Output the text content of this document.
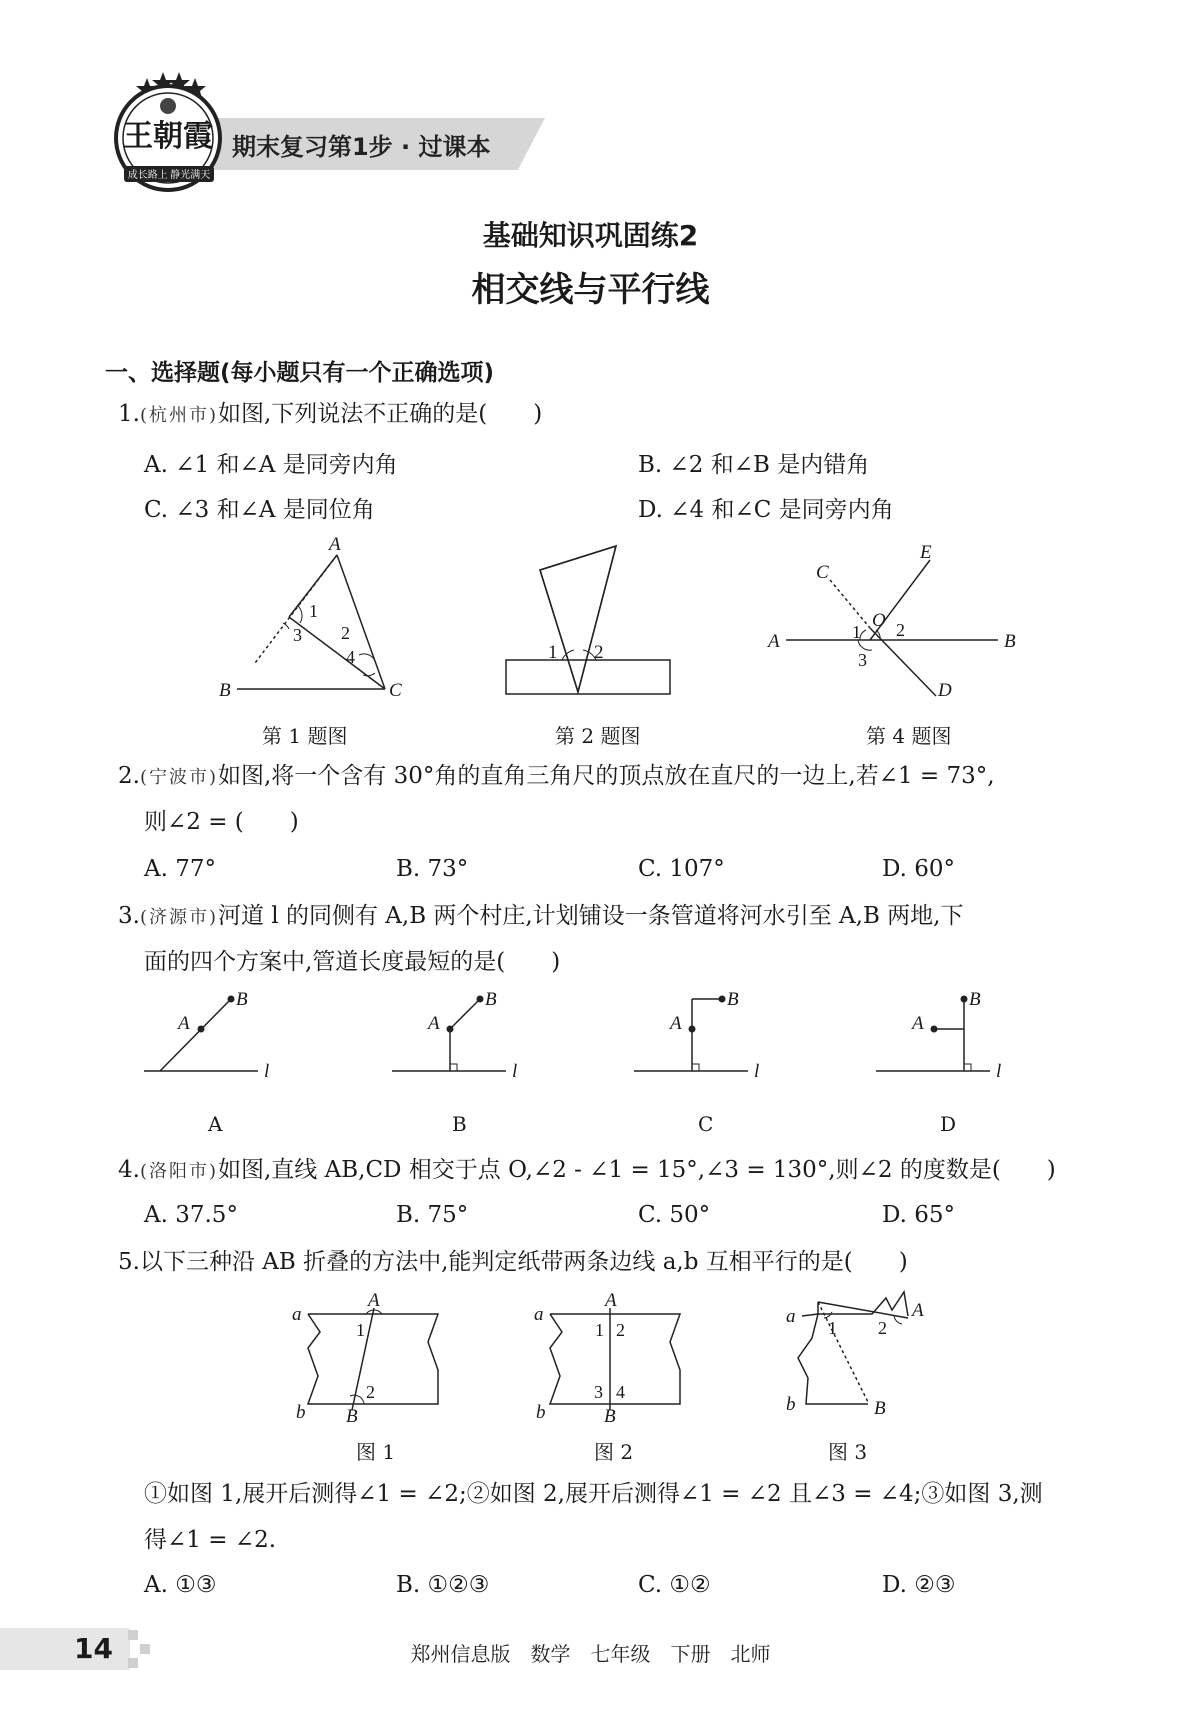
期末复习第1步 · 过课本
王朝霞
成长路上 静光满天
基础知识巩固练2
相交线与平行线
一、选择题(每小题只有一个正确选项)
1.(杭州市)如图,下列说法不正确的是(　　)
A. ∠1 和∠A 是同旁内角	B. ∠2 和∠B 是内错角
C. ∠3 和∠A 是同位角	D. ∠4 和∠C 是同旁内角
A
B	C
1
3 2
4	1 2
A	B
C
D
E
O
1 2
3
第 1 题图	第 2 题图	第 4 题图
2.(宁波市)如图,将一个含有 30°角的直角三角尺的顶点放在直尺的一边上,若∠1 = 73°,
则∠2 = (　　)
A. 77°	B. 73°	C. 107°	D. 60°
3.(济源市)河道 l 的同侧有 A,B 两个村庄,计划铺设一条管道将河水引至 A,B 两地,下
面的四个方案中,管道长度最短的是(　　)
A
B
l
A
B
l
A
B
l
A
B
l
A	B	C	D
4.(洛阳市)如图,直线 AB,CD 相交于点 O,∠2 - ∠1 = 15°,∠3 = 130°,则∠2 的度数是(　　)
A. 37.5°	B. 75°	C. 50°	D. 65°
5.以下三种沿 AB 折叠的方法中,能判定纸带两条边线 a,b 互相平行的是(　　)
a
b
A
B
1
2
a
b
A
B
1 2
3 4
a
b
A
B
1 2
图 1	图 2	图 3
①如图 1,展开后测得∠1 = ∠2;②如图 2,展开后测得∠1 = ∠2 且∠3 = ∠4;③如图 3,测
得∠1 = ∠2.
A. ①③	B. ①②③	C. ①②	D. ②③
14	郑州信息版　数学　七年级　下册　北师
